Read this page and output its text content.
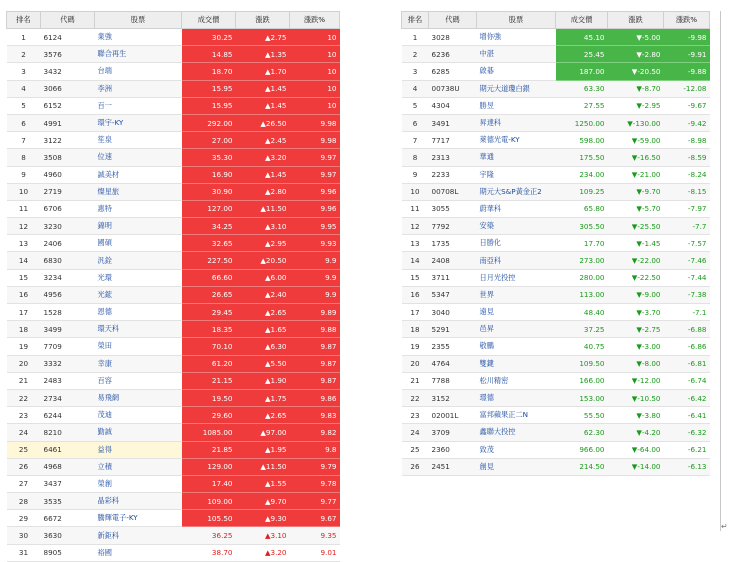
排名	代碼	股票	成交價	漲跌	漲跌%
1	6124	業強	30.25	▲2.75	10
2	3576	聯合再生	14.85	▲1.35	10
3	3432	台端	18.70	▲1.70	10
4	3066	李洲	15.95	▲1.45	10
5	6152	百一	15.95	▲1.45	10
6	4991	環宇-KY	292.00	▲26.50	9.98
7	3122	笙泉	27.00	▲2.45	9.98
8	3508	位速	35.30	▲3.20	9.97
9	4960	誠美材	16.90	▲1.45	9.97
10	2719	燦星旅	30.90	▲2.80	9.96
11	6706	惠特	127.00	▲11.50	9.96
12	3230	錦明	34.25	▲3.10	9.95
13	2406	國碩	32.65	▲2.95	9.93
14	6830	汎銓	227.50	▲20.50	9.9
15	3234	光環	66.60	▲6.00	9.9
16	4956	光鋐	26.65	▲2.40	9.9
17	1528	恩德	29.45	▲2.65	9.89
18	3499	環天科	18.35	▲1.65	9.88
19	7709	榮田	70.10	▲6.30	9.87
20	3332	幸康	61.20	▲5.50	9.87
21	2483	百容	21.15	▲1.90	9.87
22	2734	易飛網	19.50	▲1.75	9.86
23	6244	茂迪	29.60	▲2.65	9.83
24	8210	勤誠	1085.00	▲97.00	9.82
25	6461	益得	21.85	▲1.95	9.8
26	4968	立積	129.00	▲11.50	9.79
27	3437	榮創	17.40	▲1.55	9.78
28	3535	晶彩科	109.00	▲9.70	9.77
29	6672	騰輝電子-KY	105.50	▲9.30	9.67
30	3630	新鉅科	36.25	▲3.10	9.35
31	8905	裕國	38.70	▲3.20	9.01
排名	代碼	股票	成交價	漲跌	漲跌%
1	3028	增你強	45.10	▼-5.00	-9.98
2	6236	中湛	25.45	▼-2.80	-9.91
3	6285	啟碁	187.00	▼-20.50	-9.88
4	00738U	期元大道瓊白銀	63.30	▼-8.70	-12.08
5	4304	勝昱	27.55	▼-2.95	-9.67
6	3491	昇達科	1250.00	▼-130.00	-9.42
7	7717	萊德光電-KY	598.00	▼-59.00	-8.98
8	2313	華通	175.50	▼-16.50	-8.59
9	2233	宇隆	234.00	▼-21.00	-8.24
10	00708L	期元大S&P黃金正2	109.25	▼-9.70	-8.15
11	3055	蔚華科	65.80	▼-5.70	-7.97
12	7792	安築	305.50	▼-25.50	-7.7
13	1735	日勝化	17.70	▼-1.45	-7.57
14	2408	南亞科	273.00	▼-22.00	-7.46
15	3711	日月光投控	280.00	▼-22.50	-7.44
16	5347	世界	113.00	▼-9.00	-7.38
17	3040	遠見	48.40	▼-3.70	-7.1
18	5291	邑昇	37.25	▼-2.75	-6.88
19	2355	敬鵬	40.75	▼-3.00	-6.86
20	4764	雙鍵	109.50	▼-8.00	-6.81
21	7788	松川精密	166.00	▼-12.00	-6.74
22	3152	璟德	153.00	▼-10.50	-6.42
23	02001L	富邦蘋果正二N	55.50	▼-3.80	-6.41
24	3709	鑫聯大投控	62.30	▼-4.20	-6.32
25	2360	致茂	966.00	▼-64.00	-6.21
26	2451	創見	214.50	▼-14.00	-6.13
↵
